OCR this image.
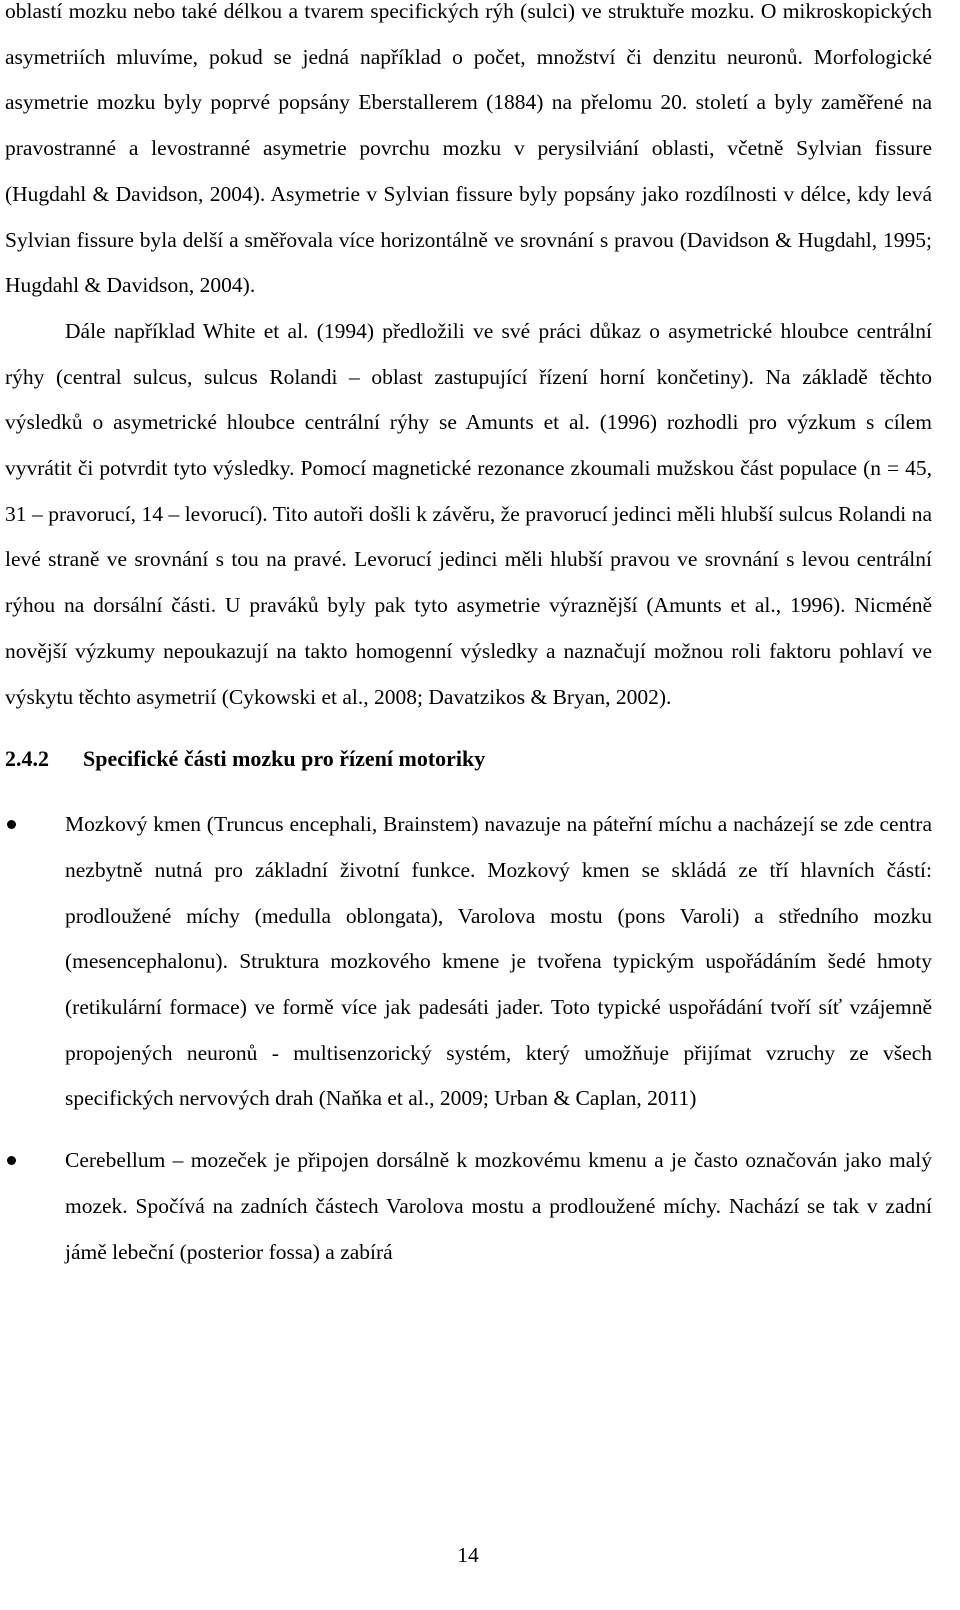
oblastí mozku nebo také délkou a tvarem specifických rýh (sulci) ve struktuře mozku. O mikroskopických asymetriích mluvíme, pokud se jedná například o počet, množství či denzitu neuronů. Morfologické asymetrie mozku byly poprvé popsány Eberstallerem (1884) na přelomu 20. století a byly zaměřené na pravostranné a levostranné asymetrie povrchu mozku v perysilviání oblasti, včetně Sylvian fissure (Hugdahl & Davidson, 2004). Asymetrie v Sylvian fissure byly popsány jako rozdílnosti v délce, kdy levá Sylvian fissure byla delší a směřovala více horizontálně ve srovnání s pravou (Davidson & Hugdahl, 1995; Hugdahl & Davidson, 2004).

Dále například White et al. (1994) předložili ve své práci důkaz o asymetrické hloubce centrální rýhy (central sulcus, sulcus Rolandi – oblast zastupující řízení horní končetiny). Na základě těchto výsledků o asymetrické hloubce centrální rýhy se Amunts et al. (1996) rozhodli pro výzkum s cílem vyvrátit či potvrdit tyto výsledky. Pomocí magnetické rezonance zkoumali mužskou část populace (n = 45, 31 – pravorucí, 14 – levorucí). Tito autoři došli k závěru, že pravorucí jedinci měli hlubší sulcus Rolandi na levé straně ve srovnání s tou na pravé. Levorucí jedinci měli hlubší pravou ve srovnání s levou centrální rýhou na dorsální části. U praváků byly pak tyto asymetrie výraznější (Amunts et al., 1996). Nicméně novější výzkumy nepoukazují na takto homogenní výsledky a naznačují možnou roli faktoru pohlaví ve výskytu těchto asymetrií (Cykowski et al., 2008; Davatzikos & Bryan, 2002).

2.4.2	Specifické části mozku pro řízení motoriky
Mozkový kmen (Truncus encephali, Brainstem) navazuje na páteřní míchu a nacházejí se zde centra nezbytně nutná pro základní životní funkce. Mozkový kmen se skládá ze tří hlavních částí: prodloužené míchy (medulla oblongata), Varolova mostu (pons Varoli) a středního mozku (mesencephalonu). Struktura mozkového kmene je tvořena typickým uspořádáním šedé hmoty (retikulární formace) ve formě více jak padesáti jader. Toto typické uspořádání tvoří síť vzájemně propojených neuronů - multisenzorický systém, který umožňuje přijímat vzruchy ze všech specifických nervových drah (Naňka et al., 2009; Urban & Caplan, 2011)
Cerebellum – mozeček je připojen dorsálně k mozkovému kmenu a je často označován jako malý mozek. Spočívá na zadních částech Varolova mostu a prodloužené míchy. Nachází se tak v zadní jámě lebeční (posterior fossa) a zabírá
14
